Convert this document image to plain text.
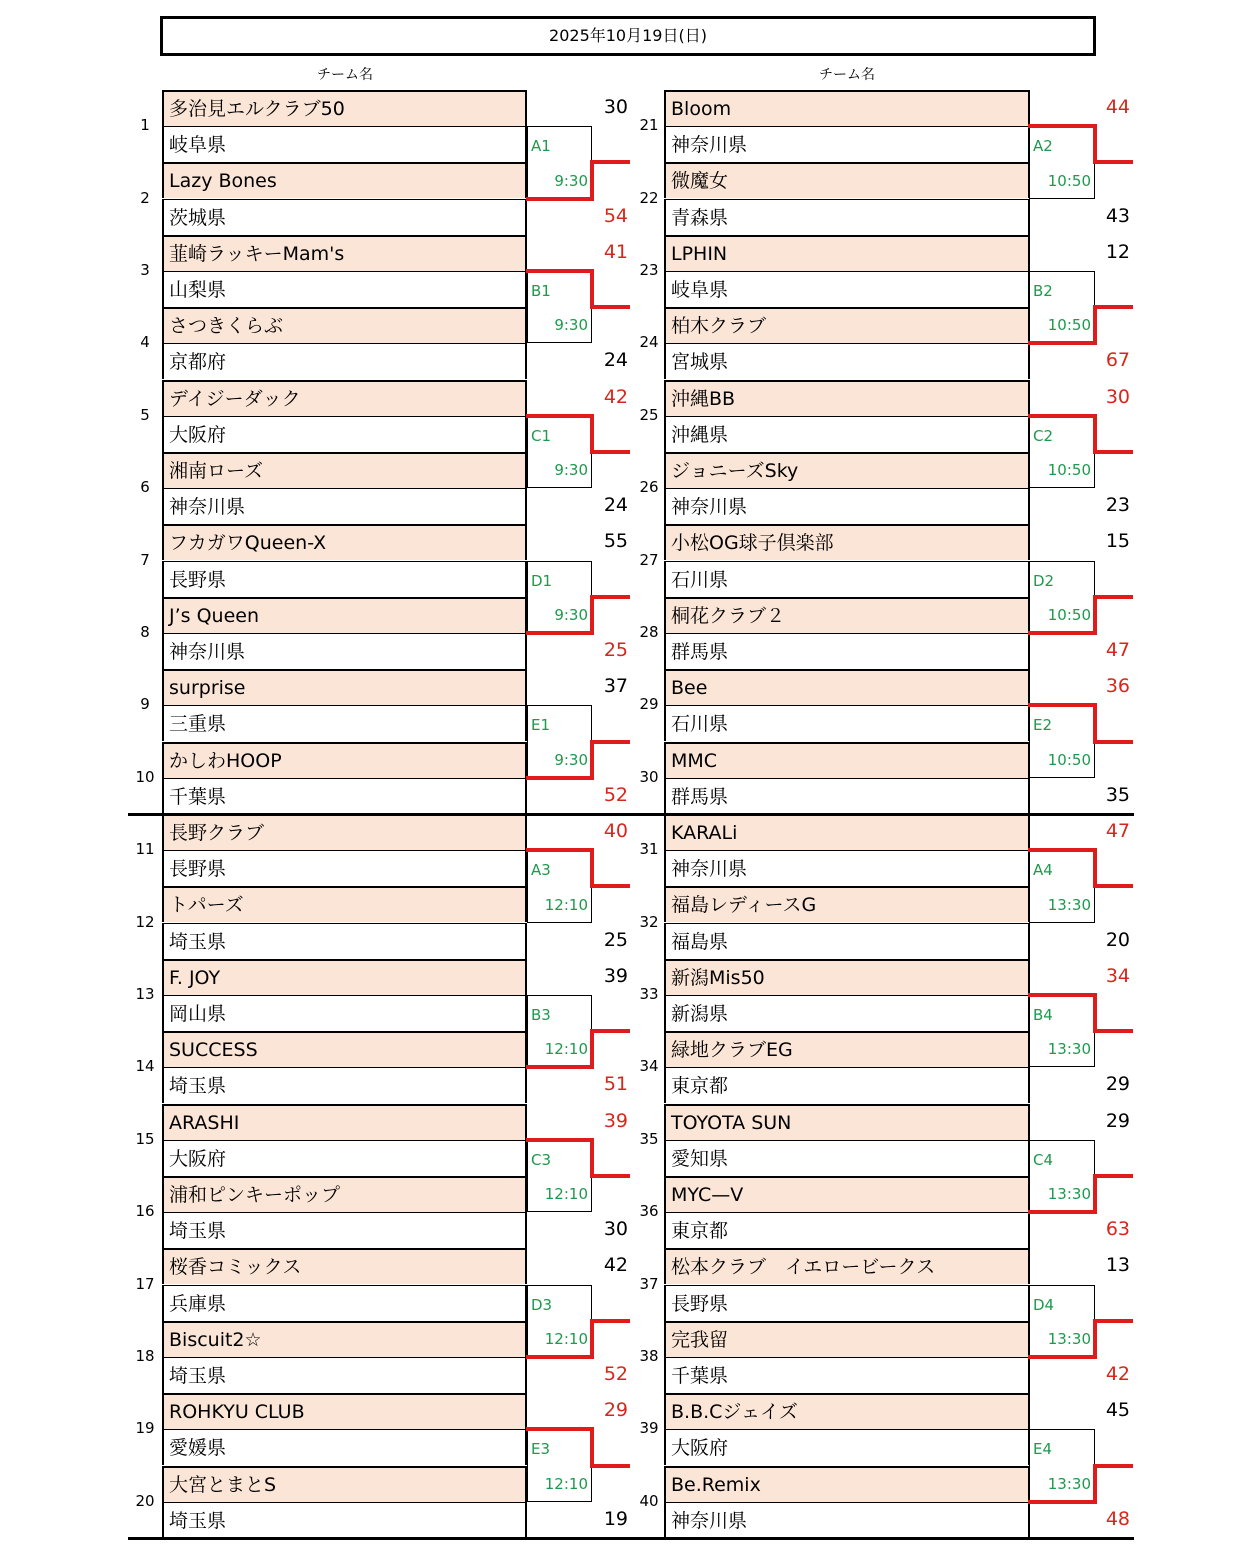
2025年10月19日(日)
チーム名	チーム名
多治見エルクラブ50
岐阜県
1
Lazy Bones
茨城県
2
韮崎ラッキーMam's
山梨県
3
さつきくらぶ
京都府
4
デイジーダック
大阪府
5
湘南ローズ
神奈川県
6
フカガワQueen-X
長野県
7
J’s Queen
神奈川県
8
surprise
三重県
9
かしわHOOP
千葉県
10
長野クラブ
長野県
11
トパーズ
埼玉県
12
F. JOY
岡山県
13
SUCCESS
埼玉県
14
ARASHI
大阪府
15
浦和ピンキーポップ
埼玉県
16
桜香コミックス
兵庫県
17
Biscuit2☆
埼玉県
18
ROHKYU CLUB
愛媛県
19
大宮とまとS
埼玉県
20
Bloom
神奈川県
21
微魔女
青森県
22
LPHIN
岐阜県
23
柏木クラブ
宮城県
24
沖縄BB
沖縄県
25
ジョニーズSky
神奈川県
26
小松OG球子倶楽部
石川県
27
桐花クラブ２
群馬県
28
Bee
石川県
29
MMC
群馬県
30
KARALi
神奈川県
31
福島レディースG
福島県
32
新潟Mis50
新潟県
33
緑地クラブEG
東京都
34
TOYOTA SUN
愛知県
35
MYC—V
東京都
36
松本クラブ　イエロービークス
長野県
37
完我留
千葉県
38
B.B.Cジェイズ
大阪府
39
Be.Remix
神奈川県
40
A1
9:30
30
54
B1
9:30
41
24
C1
9:30
42
24
D1
9:30
55
25
E1
9:30
37
52
A2
10:50
44
43
B2
10:50
12
67
C2
10:50
30
23
D2
10:50
15
47
E2
10:50
36
35
A3
12:10
40
25
B3
12:10
39
51
C3
12:10
39
30
D3
12:10
42
52
E3
12:10
29
19
A4
13:30
47
20
B4
13:30
34
29
C4
13:30
29
63
D4
13:30
13
42
E4
13:30
45
48
